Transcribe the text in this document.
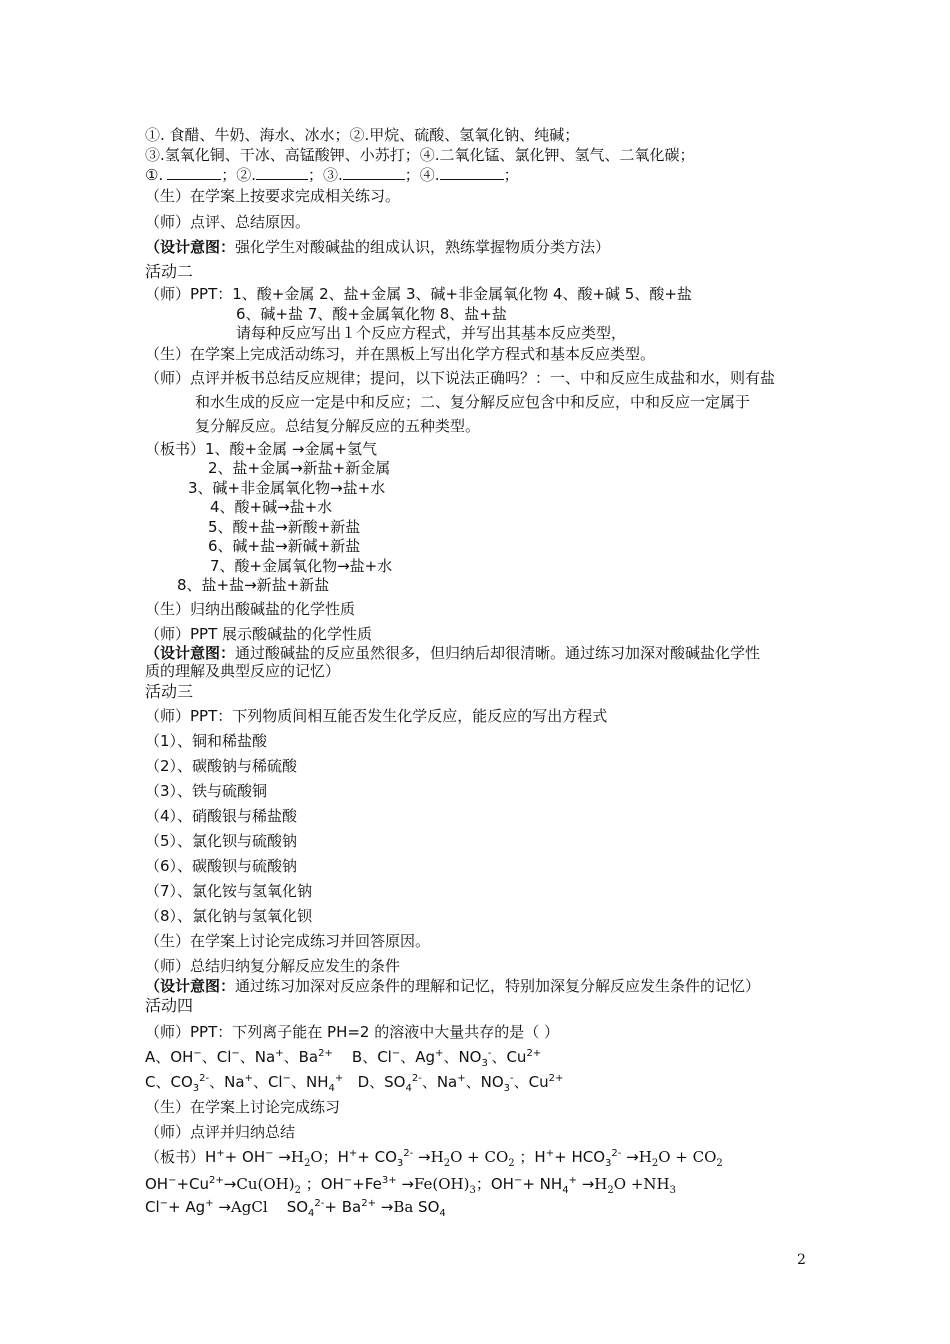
①. 食醋、牛奶、海水、冰水；②.甲烷、硫酸、氢氧化钠、纯碱；
③.氢氧化铜、干冰、高锰酸钾、小苏打；④.二氧化锰、氯化钾、氢气、二氧化碳；
①.	；②.	；③.	；④.	；
（生）在学案上按要求完成相关练习。
（师）点评、总结原因。
（设计意图：强化学生对酸碱盐的组成认识，熟练掌握物质分类方法）
活动二
（师）PPT：1、酸+金属 2、盐+金属 3、碱+非金属氧化物 4、酸+碱 5、酸+盐
6、碱+盐 7、酸+金属氧化物 8、盐+盐
请每种反应写出１个反应方程式，并写出其基本反应类型，
（生）在学案上完成活动练习，并在黑板上写出化学方程式和基本反应类型。
（师）点评并板书总结反应规律；提问，以下说法正确吗？：一、中和反应生成盐和水，则有盐
和水生成的反应一定是中和反应；二、复分解反应包含中和反应，中和反应一定属于
复分解反应。总结复分解反应的五种类型。
（板书）1、酸+金属 →金属+氢气
2、盐+金属→新盐+新金属
3、碱+非金属氧化物→盐+水
4、酸+碱→盐+水
5、酸+盐→新酸+新盐
6、碱+盐→新碱+新盐
7、酸+金属氧化物→盐+水
8、盐+盐→新盐+新盐
（生）归纳出酸碱盐的化学性质
（师）PPT 展示酸碱盐的化学性质
（设计意图：通过酸碱盐的反应虽然很多，但归纳后却很清晰。通过练习加深对酸碱盐化学性
质的理解及典型反应的记忆）
活动三
（师）PPT：下列物质间相互能否发生化学反应，能反应的写出方程式
（1）、铜和稀盐酸
（2）、碳酸钠与稀硫酸
（3）、铁与硫酸铜
（4）、硝酸银与稀盐酸
（5）、氯化钡与硫酸钠
（6）、碳酸钡与硫酸钠
（7）、氯化铵与氢氧化钠
（8）、氯化钠与氢氧化钡
（生）在学案上讨论完成练习并回答原因。
（师）总结归纳复分解反应发生的条件
（设计意图：通过练习加深对反应条件的理解和记忆，特别加深复分解反应发生条件的记忆）
活动四
（师）PPT：下列离子能在 PH=2 的溶液中大量共存的是（ ）
A、OH−、Cl−、Na+、$Ba^{2+}$    B、Cl−、Ag+、$NO_3^-$、$Cu^{2+}$
C、$CO_3^{2-}$、Na+、Cl−、$NH_4^+$   D、$SO_4^{2-}$、Na+、$NO_3^-$、$Cu^{2+}$
（生）在学案上讨论完成练习
（师）点评并归纳总结
（板书）$H^++ OH^- \to H_2O$；$H^++ CO_3^{2-} \to H_2O + CO_2$ ；$H^++ HCO_3^{2-} \to H_2O + CO_2$
$OH^-+Cu^{2+}\to Cu(OH)_2$ ；$OH^-+Fe^{3+} \to Fe(OH)_3$；$OH^-+ NH_4^+ \to H_2O +NH_3$
Cl−+ Ag+ →AgCl    $SO_4^{2-}+ Ba^{2+} \to Ba$ $SO_4$
2
